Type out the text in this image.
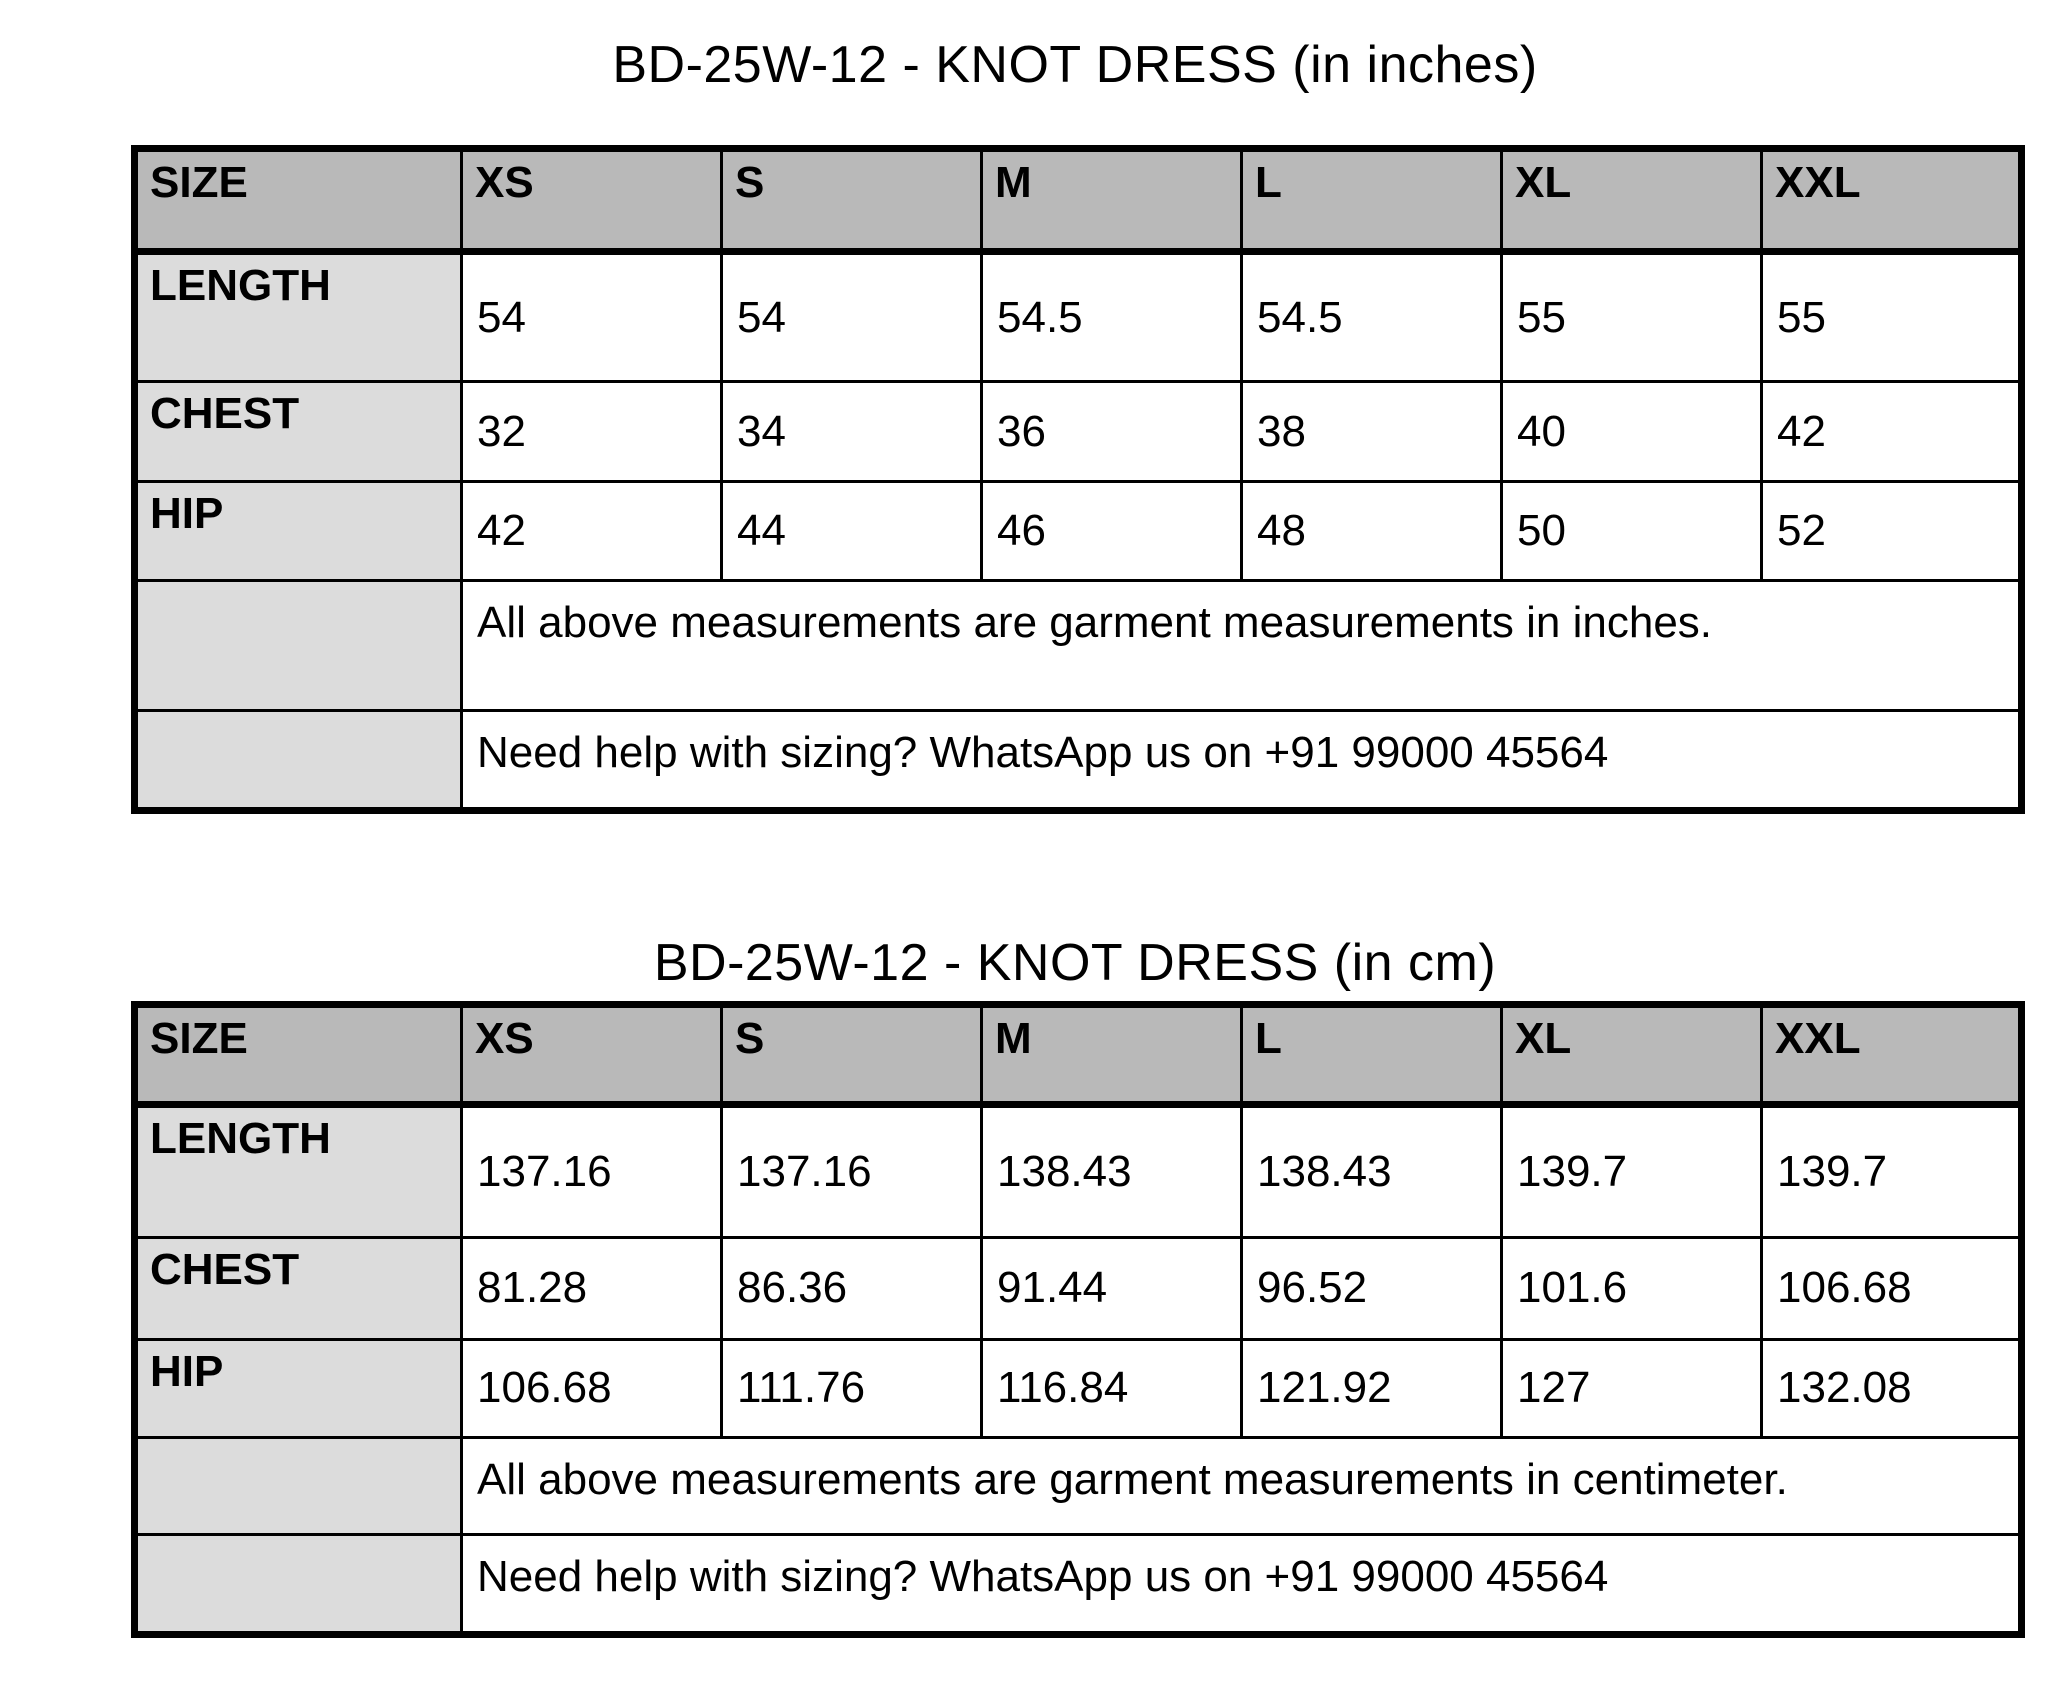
BD-25W-12 - KNOT DRESS (in inches)
SIZE	XS	S	M	L	XL	XXL
LENGTH	54	54	54.5	54.5	55	55
CHEST	32	34	36	38	40	42
HIP	42	44	46	48	50	52
	All above measurements are garment measurements in inches.					
	Need help with sizing? WhatsApp us on +91 99000 45564					
BD-25W-12 - KNOT DRESS (in cm)
SIZE	XS	S	M	L	XL	XXL
LENGTH	137.16	137.16	138.43	138.43	139.7	139.7
CHEST	81.28	86.36	91.44	96.52	101.6	106.68
HIP	106.68	111.76	116.84	121.92	127	132.08
	All above measurements are garment measurements in centimeter.					
	Need help with sizing? WhatsApp us on +91 99000 45564					
